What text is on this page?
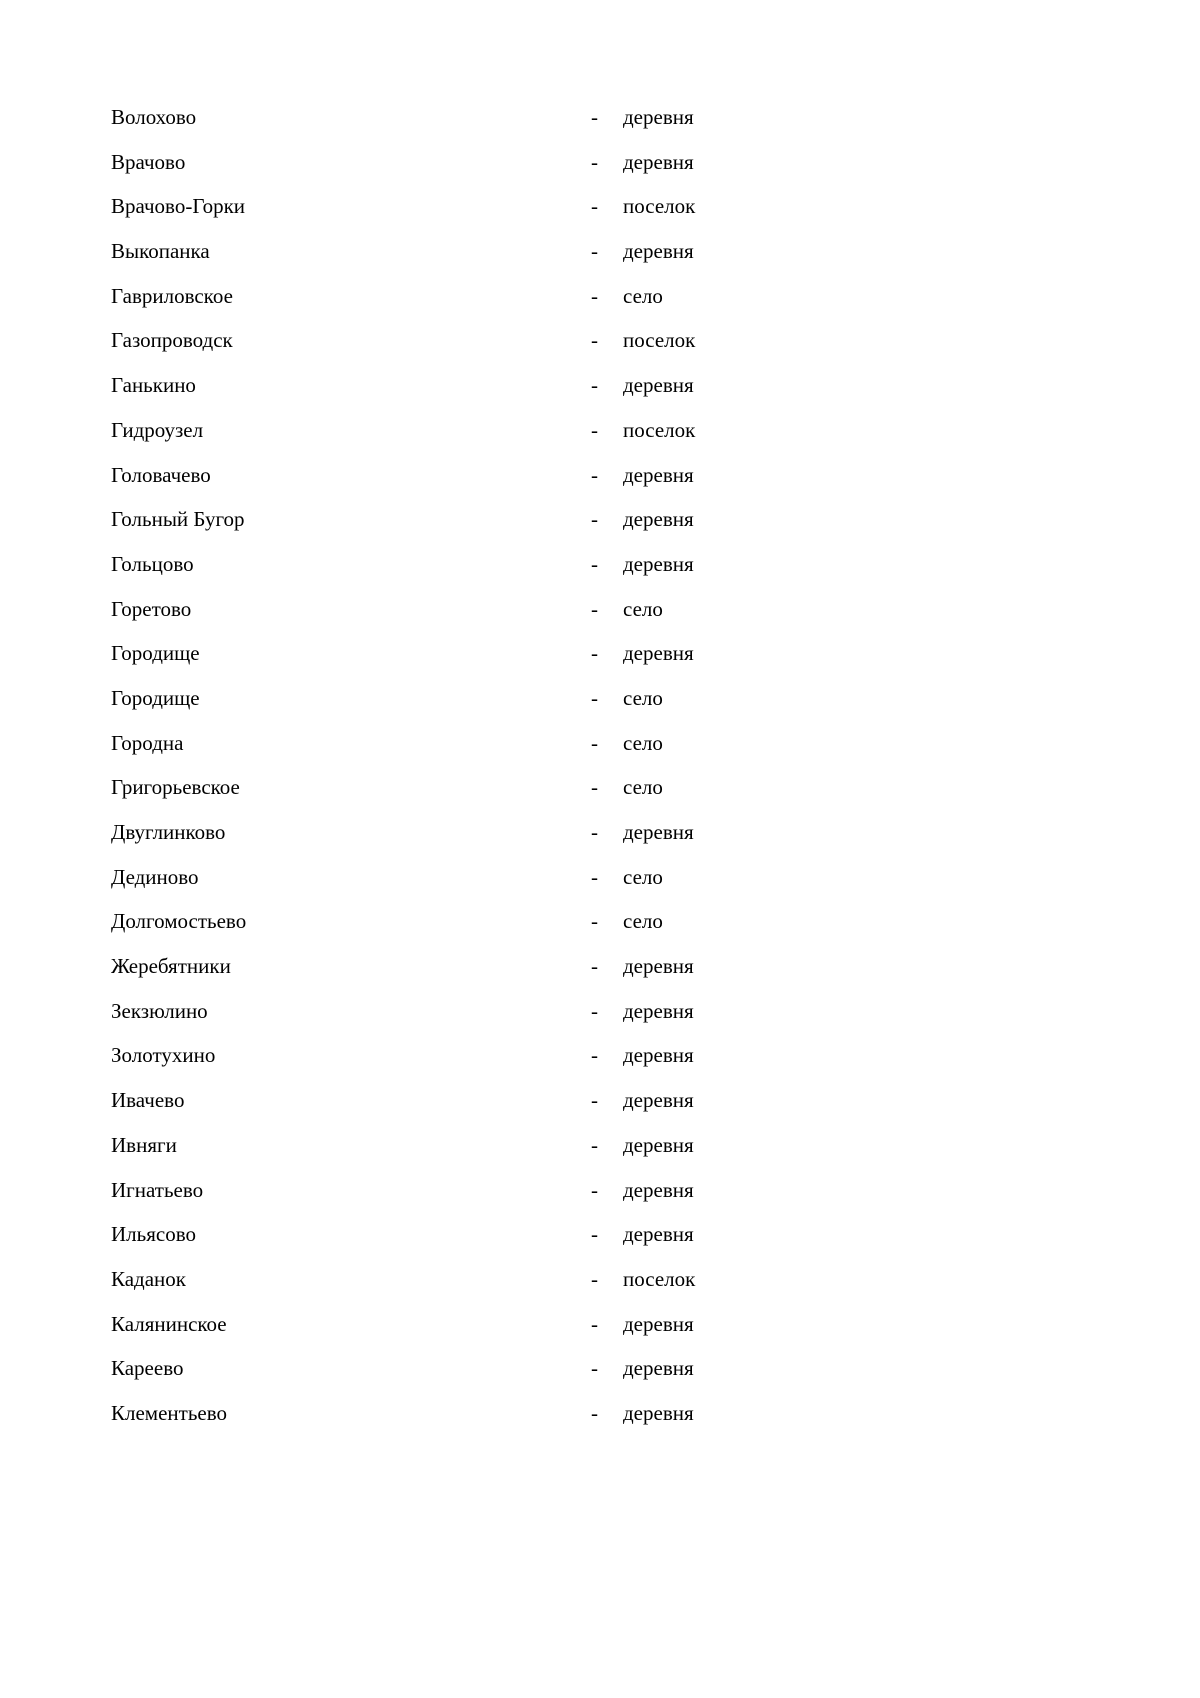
Волохово	- деревня
Врачово	- деревня
Врачово-Горки	- поселок
Выкопанка	- деревня
Гавриловское	- село
Газопроводск	- поселок
Ганькино	- деревня
Гидроузел	- поселок
Головачево	- деревня
Гольный Бугор	- деревня
Гольцово	- деревня
Горетово	- село
Городище	- деревня
Городище	- село
Городна	- село
Григорьевское	- село
Двуглинково	- деревня
Дединово	- село
Долгомостьево	- село
Жеребятники	- деревня
Зекзюлино	- деревня
Золотухино	- деревня
Ивачево	- деревня
Ивняги	- деревня
Игнатьево	- деревня
Ильясово	- деревня
Каданок	- поселок
Калянинское	- деревня
Кареево	- деревня
Клементьево	- деревня
